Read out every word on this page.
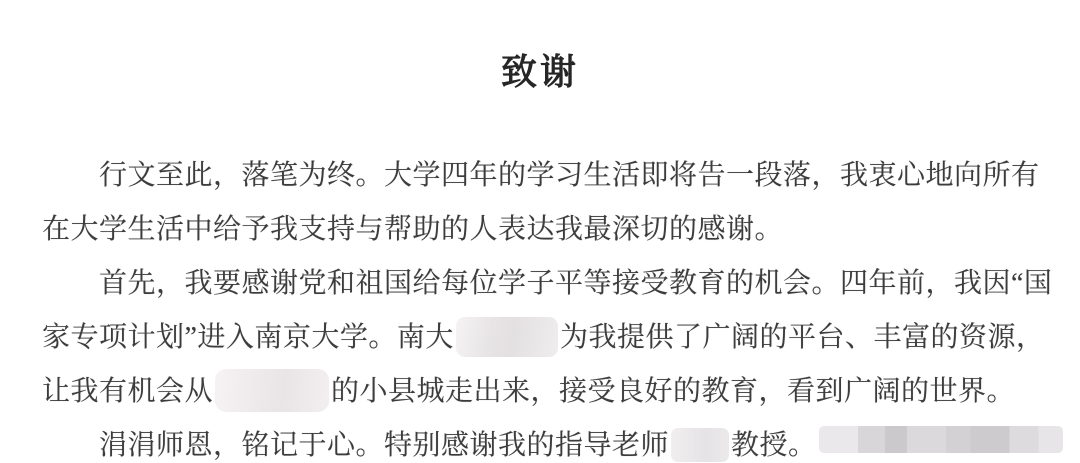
致谢
行文至此，落笔为终。大学四年的学习生活即将告一段落，我衷心地向所有
在大学生活中给予我支持与帮助的人表达我最深切的感谢。
首先，我要感谢党和祖国给每位学子平等接受教育的机会。四年前，我因“国
家专项计划”进入南京大学。南大	为我提供了广阔的平台、丰富的资源，
让我有机会从	的小县城走出来，接受良好的教育，看到广阔的世界。
涓涓师恩，铭记于心。特别感谢我的指导老师 教授。
